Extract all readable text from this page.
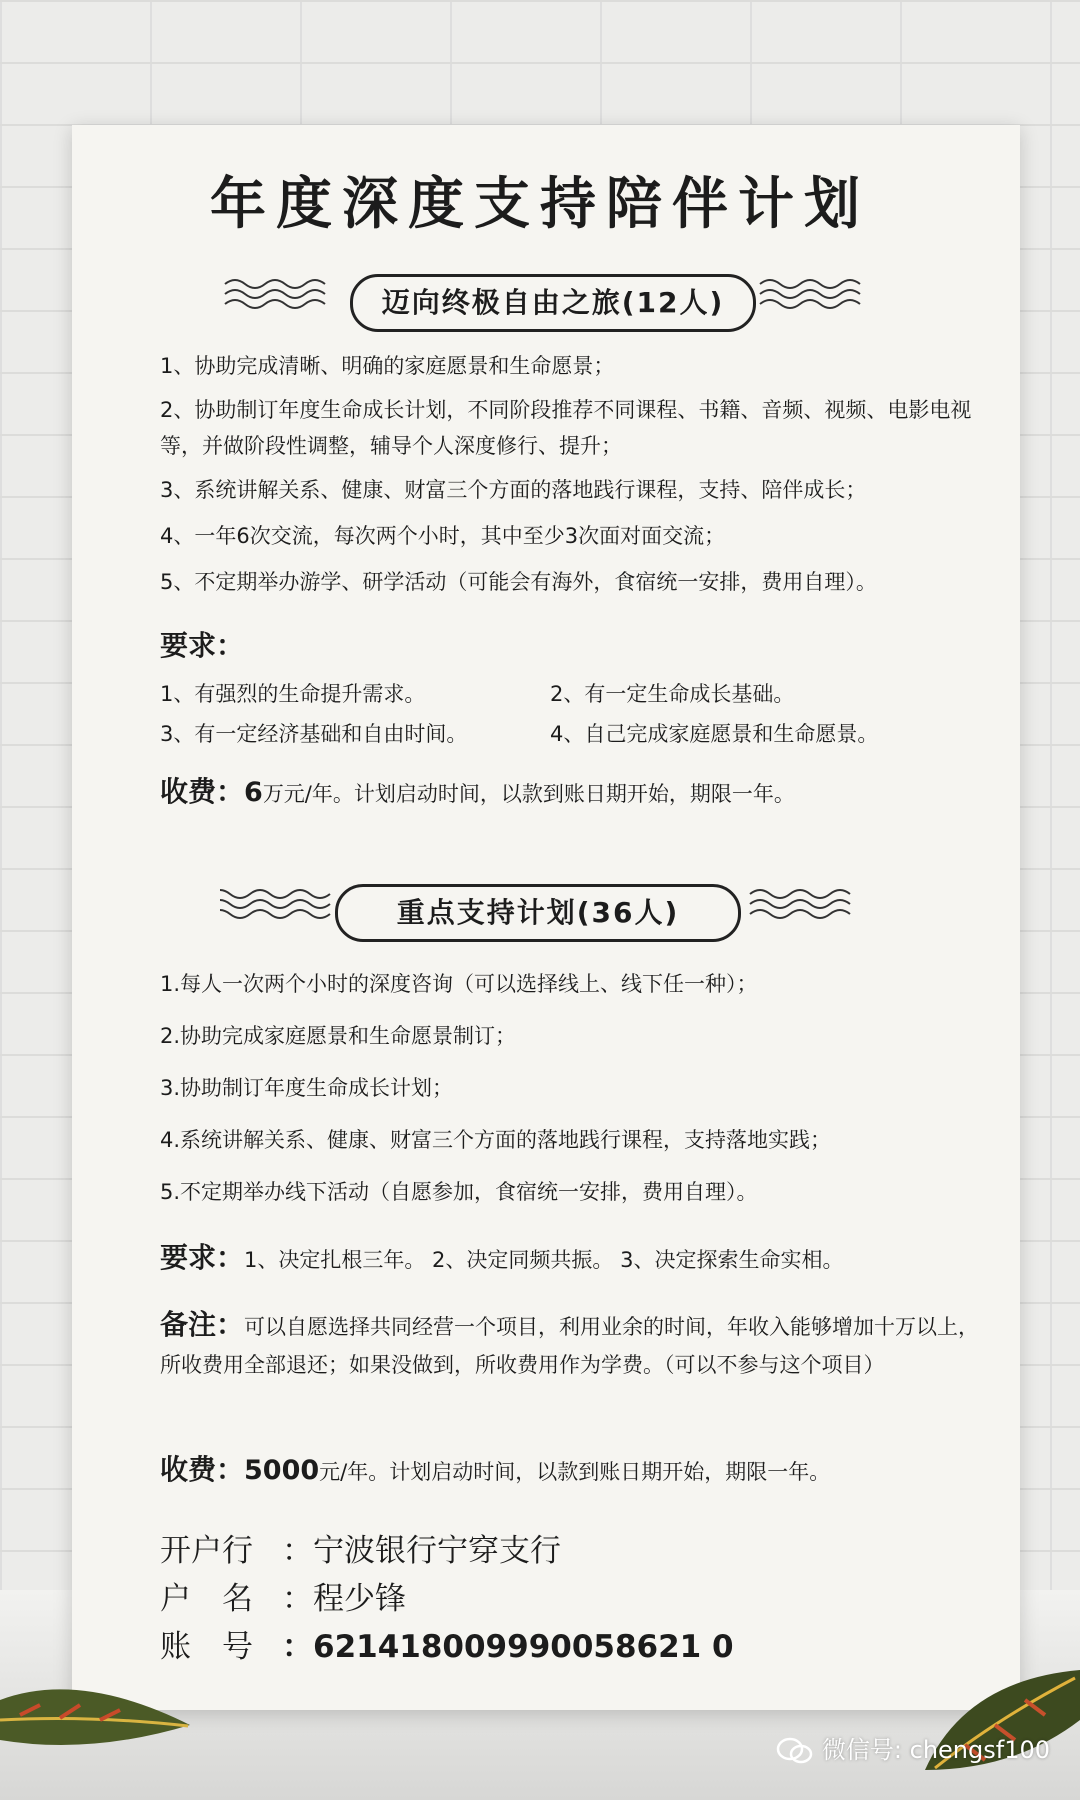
年度深度支持陪伴计划
迈向终极自由之旅(12人)
1、协助完成清晰、明确的家庭愿景和生命愿景；
2、协助制订年度生命成长计划，不同阶段推荐不同课程、书籍、音频、视频、电影电视等，并做阶段性调整，辅导个人深度修行、提升；
3、系统讲解关系、健康、财富三个方面的落地践行课程，支持、陪伴成长；
4、一年6次交流，每次两个小时，其中至少3次面对面交流；
5、不定期举办游学、研学活动（可能会有海外，食宿统一安排，费用自理）。
要求：
1、有强烈的生命提升需求。	2、有一定生命成长基础。
3、有一定经济基础和自由时间。	4、自己完成家庭愿景和生命愿景。
收费：6万元/年。计划启动时间，以款到账日期开始，期限一年。
重点支持计划(36人)
1.每人一次两个小时的深度咨询（可以选择线上、线下任一种）；
2.协助完成家庭愿景和生命愿景制订；
3.协助制订年度生命成长计划；
4.系统讲解关系、健康、财富三个方面的落地践行课程，支持落地实践；
5.不定期举办线下活动（自愿参加，食宿统一安排，费用自理）。
要求：1、决定扎根三年。 2、决定同频共振。 3、决定探索生命实相。
备注：可以自愿选择共同经营一个项目，利用业余的时间，年收入能够增加十万以上，所收费用全部退还；如果没做到，所收费用作为学费。（可以不参与这个项目）
收费：5000元/年。计划启动时间，以款到账日期开始，期限一年。
开户行 ：宁波银行宁穿支行
户　名 ：程少锋
账　号 ：621418009990058621 0
微信号: chengsf100
